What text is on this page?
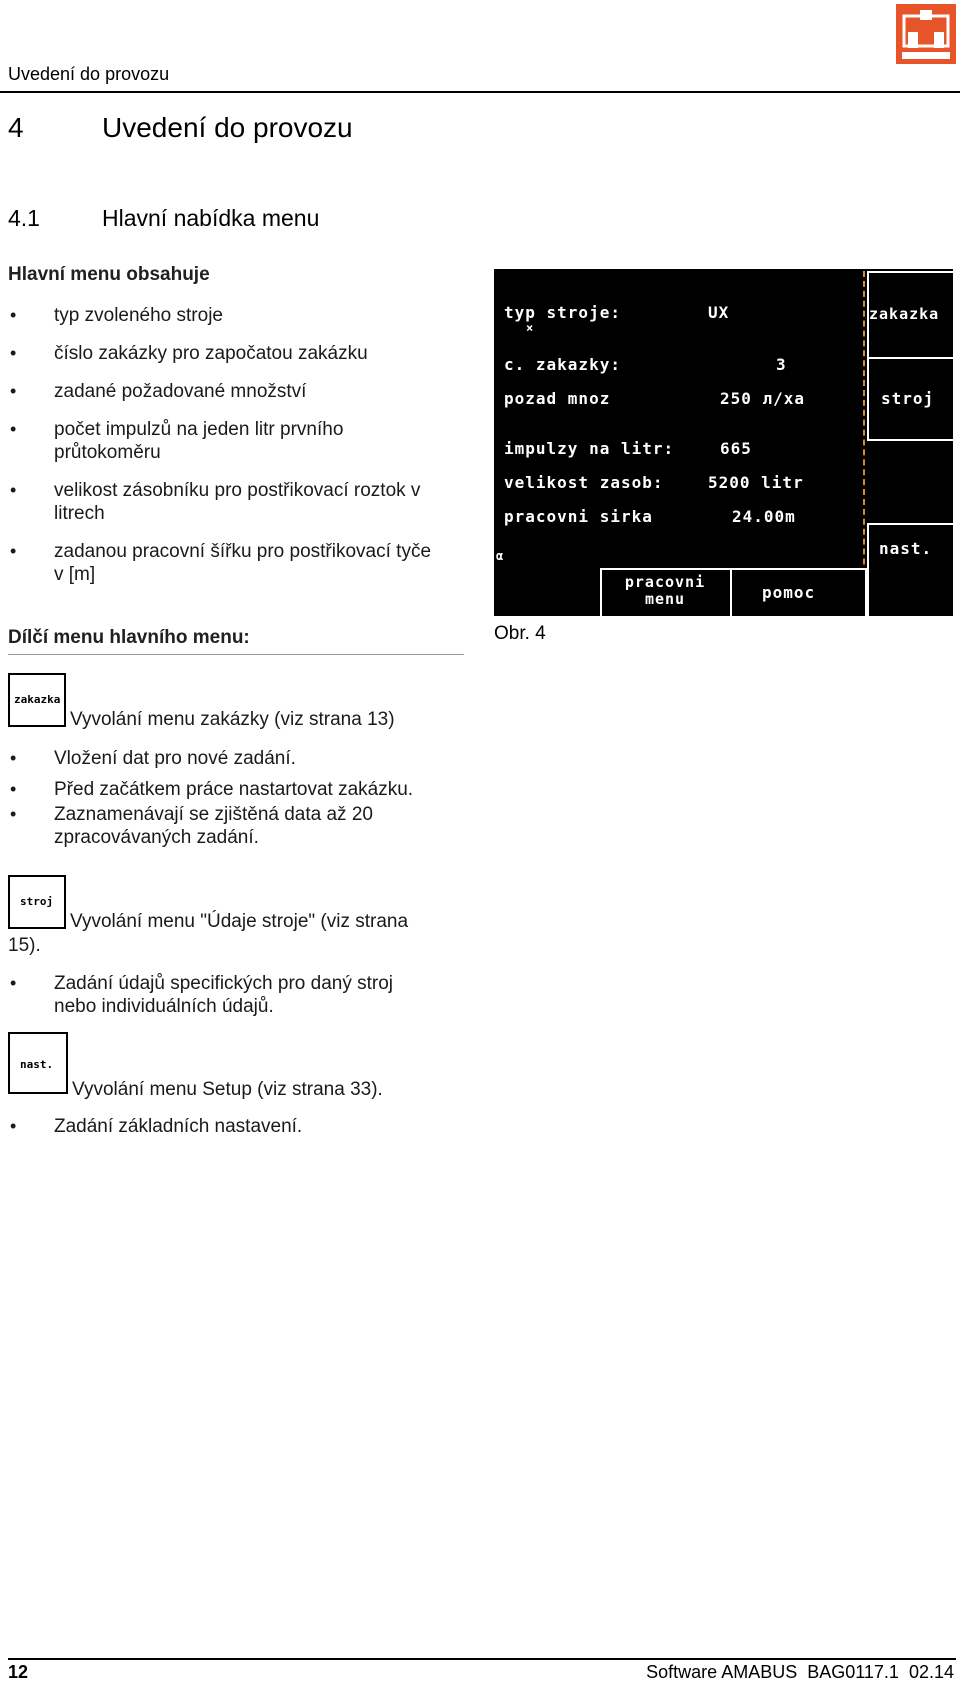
Uvedení do provozu
4	Uvedení do provozu
4.1	Hlavní nabídka menu
Hlavní menu obsahuje
• typ zvoleného stroje
• číslo zakázky pro započatou zakázku
• zadané požadované množství
• počet impulzů na jeden litr prvního průtokoměru
• velikost zásobníku pro postřikovací roztok v litrech
• zadanou pracovní šířku pro postřikovací tyče v [m]
Dílčí menu hlavního menu:
typ stroje:	UX
×
c. zakazky:	3
pozad mnoz	250 л/xa
impulzy na litr:	665
velikost zasob:	5200 litr
pracovni sirka	24.00m
α
zakazka
stroj
nast.
pracovni menu	pomoc
Obr. 4
zakazka
Vyvolání menu zakázky (viz strana 13)
• Vložení dat pro nové zadání.
• Před začátkem práce nastartovat zakázku.
• Zaznamenávají se zjištěná data až 20 zpracovávaných zadání.
stroj
Vyvolání menu "Údaje stroje" (viz strana
15).
• Zadání údajů specifických pro daný stroj nebo individuálních údajů.
nast.
Vyvolání menu Setup (viz strana 33).
• Zadání základních nastavení.
12	Software AMABUS  BAG0117.1  02.14
